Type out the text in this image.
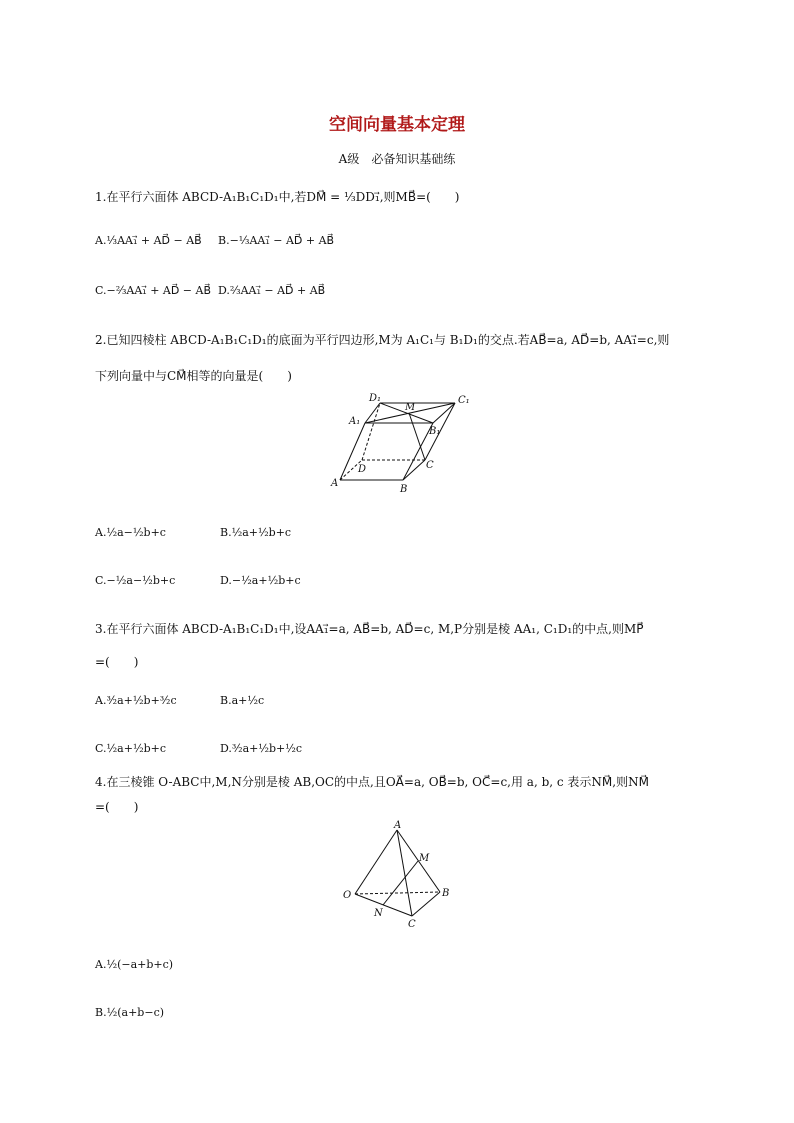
空间向量基本定理
A级　必备知识基础练
1.在平行六面体 ABCD-A₁B₁C₁D₁中,若DM⃗ = ¹⁄₃DD₁⃗,则MB⃗=(　　)
A.¹⁄₃AA₁⃗ + AD⃗ − AB⃗ B.−¹⁄₃AA₁⃗ − AD⃗ + AB⃗
C.−²⁄₃AA₁⃗ + AD⃗ − AB⃗ D.²⁄₃AA₁⃗ − AD⃗ + AB⃗
2.已知四棱柱 ABCD-A₁B₁C₁D₁的底面为平行四边形,M为 A₁C₁与 B₁D₁的交点.若AB⃗=a, AD⃗=b, AA₁⃗=c,则
下列向量中与CM⃗相等的向量是(　　)
D₁
M
C₁
A₁
B₁
D	C
A
B
A.½a−½b+c	B.½a+½b+c
C.−½a−½b+c	D.−½a+½b+c
3.在平行六面体 ABCD-A₁B₁C₁D₁中,设AA₁⃗=a, AB⃗=b, AD⃗=c, M,P分别是棱 AA₁, C₁D₁的中点,则MP⃗
=(　　)
A.³⁄₂a+½b+³⁄₂c	B.a+½c
C.½a+½b+c	D.³⁄₂a+½b+½c
4.在三棱锥 O-ABC中,M,N分别是棱 AB,OC的中点,且OA⃗=a, OB⃗=b, OC⃗=c,用 a, b, c 表示NM⃗,则NM⃗
=(　　)
A
M
O	B
N
C
A.½(−a+b+c)
B.½(a+b−c)
